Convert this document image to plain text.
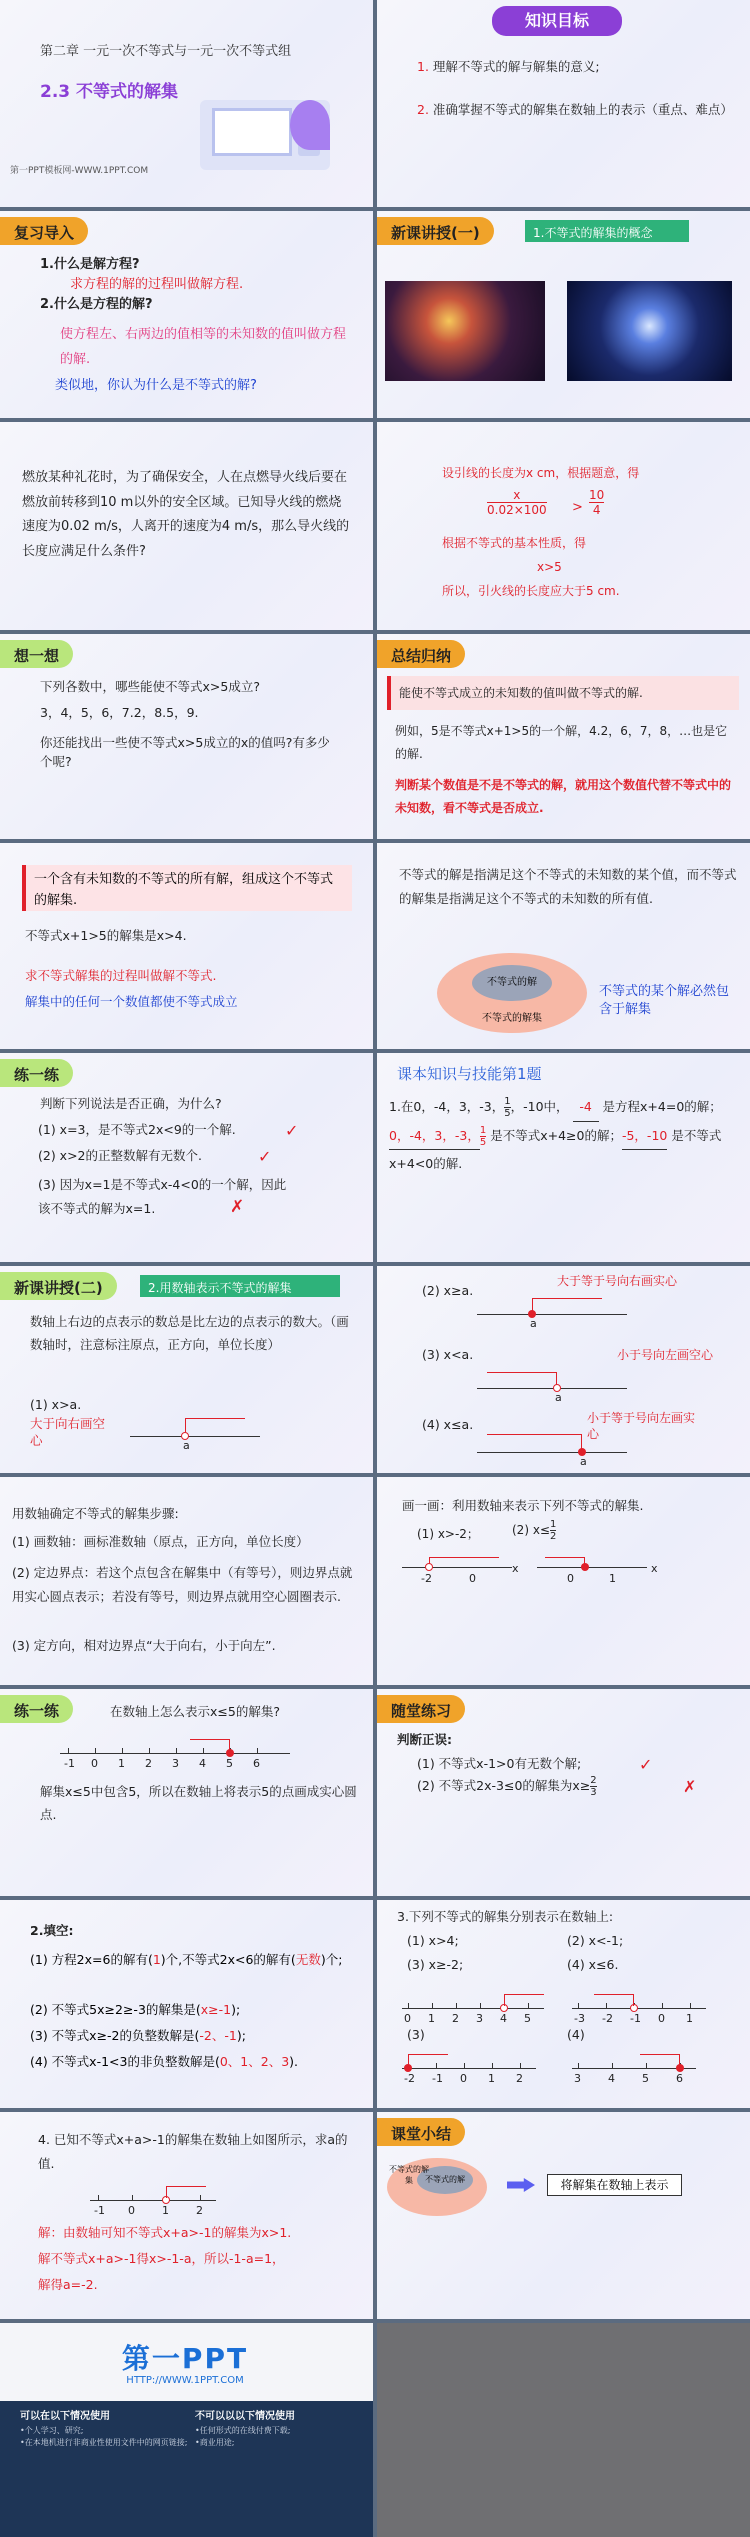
第二章 一元一次不等式与一元一次不等式组
2.3 不等式的解集
第一PPT模板网-WWW.1PPT.COM
知识目标
1. 理解不等式的解与解集的意义;
2. 准确掌握不等式的解集在数轴上的表示（重点、难点）
复习导入
1.什么是解方程?
求方程的解的过程叫做解方程.
2.什么是方程的解?
使方程左、右两边的值相等的未知数的值叫做方程的解.
类似地，你认为什么是不等式的解?
新课讲授(一)	1.不等式的解集的概念
燃放某种礼花时，为了确保安全，人在点燃导火线后要在燃放前转移到10 m以外的安全区域。已知导火线的燃烧速度为0.02 m/s，人离开的速度为4 m/s，那么导火线的长度应满足什么条件?
设引线的长度为x cm，根据题意，得
x
0.02×100 >
10
4
根据不等式的基本性质，得
x>5
所以，引火线的长度应大于5 cm.
想一想
下列各数中，哪些能使不等式x>5成立?
3，4，5，6，7.2，8.5，9.
你还能找出一些使不等式x>5成立的x的值吗?有多少个呢?
总结归纳
能使不等式成立的未知数的值叫做不等式的解.
例如，5是不等式x+1>5的一个解，4.2，6，7，8，…也是它的解.
判断某个数值是不是不等式的解，就用这个数值代替不等式中的未知数，看不等式是否成立.
一个含有未知数的不等式的所有解，组成这个不等式的解集.
不等式x+1>5的解集是x>4.
求不等式解集的过程叫做解不等式.
解集中的任何一个数值都使不等式成立
不等式的解是指满足这个不等式的未知数的某个值，而不等式的解集是指满足这个不等式的未知数的所有值.
不等式的解
不等式的解集
不等式的某个解必然包含于解集
练一练
判断下列说法是否正确，为什么?
(1) x=3，是不等式2x<9的一个解.	✓
(2) x>2的正整数解有无数个.	✓
(3) 因为x=1是不等式x-4<0的一个解，因此该不等式的解为x=1.	✗
课本知识与技能第1题
1.在0，-4，3，-3， $\frac{1}{5}$ ，-10中， -4 是方程x+4=0的解； 0，-4，3，-3， $\frac{1}{5}$ 是不等式x+4≥0的解；-5，-10 是不等式x+4<0的解.
新课讲授(二)	2.用数轴表示不等式的解集
数轴上右边的点表示的数总是比左边的点表示的数大。（画数轴时，注意标注原点，正方向，单位长度）
(1) x>a.
大于向右画空心	a
(2) x≥a.
大于等于号向右画实心
a
(3) x<a.	小于号向左画空心
a
(4) x≤a.	小于等于号向左画实心
a
用数轴确定不等式的解集步骤:
(1) 画数轴：画标准数轴（原点，正方向，单位长度）
(2) 定边界点：若这个点包含在解集中（有等号），则边界点就用实心圆点表示；若没有等号，则边界点就用空心圆圈表示.
(3) 定方向，相对边界点“大于向右，小于向左”.
画一画：利用数轴来表示下列不等式的解集.
(1) x>-2；	(2) $x\le \frac{1}{2}$
-2	0
x
0	1
x
练一练	在数轴上怎么表示x≤5的解集?
-1 0 1 2 3 4 5 6
解集x≤5中包含5，所以在数轴上将表示5的点画成实心圆点.
随堂练习
判断正误:
(1) 不等式x-1>0有无数个解;	✓
(2) 不等式2x-3≤0的解集为$x\ge \frac{2}{3}$	✗
2.填空:
(1) 方程2x=6的解有(1)个,不等式2x<6的解有(无数)个;
(2) 不等式5x≥2≥-3的解集是(x≥-1);
(3) 不等式x≥-2的负整数解是(-2、-1);
(4) 不等式x-1<3的非负整数解是(0、1、2、3).
3.下列不等式的解集分别表示在数轴上:
(1) x>4;	(2) x<-1;
(3) x≥-2;	(4) x≤6.
0 1 2 3 4 5	-3 -2 -1 0 1
(3)	(4)
-2 -1 0 1 2	3 4 5 6
4. 已知不等式x+a>-1的解集在数轴上如图所示，求a的值.
-1 0 1 2
解：由数轴可知不等式x+a>-1的解集为x>1.
解不等式x+a>-1得x>-1-a，所以-1-a=1，
解得a=-2.
课堂小结
不等式的解
不等式的解集	将解集在数轴上表示
第一PPT
HTTP://WWW.1PPT.COM
可以在以下情况使用
•个人学习、研究;
•在本地机进行非商业性使用文件中的网页链接;
不可以以以下情况使用
•任何形式的在线付费下载;
•商业用途;
